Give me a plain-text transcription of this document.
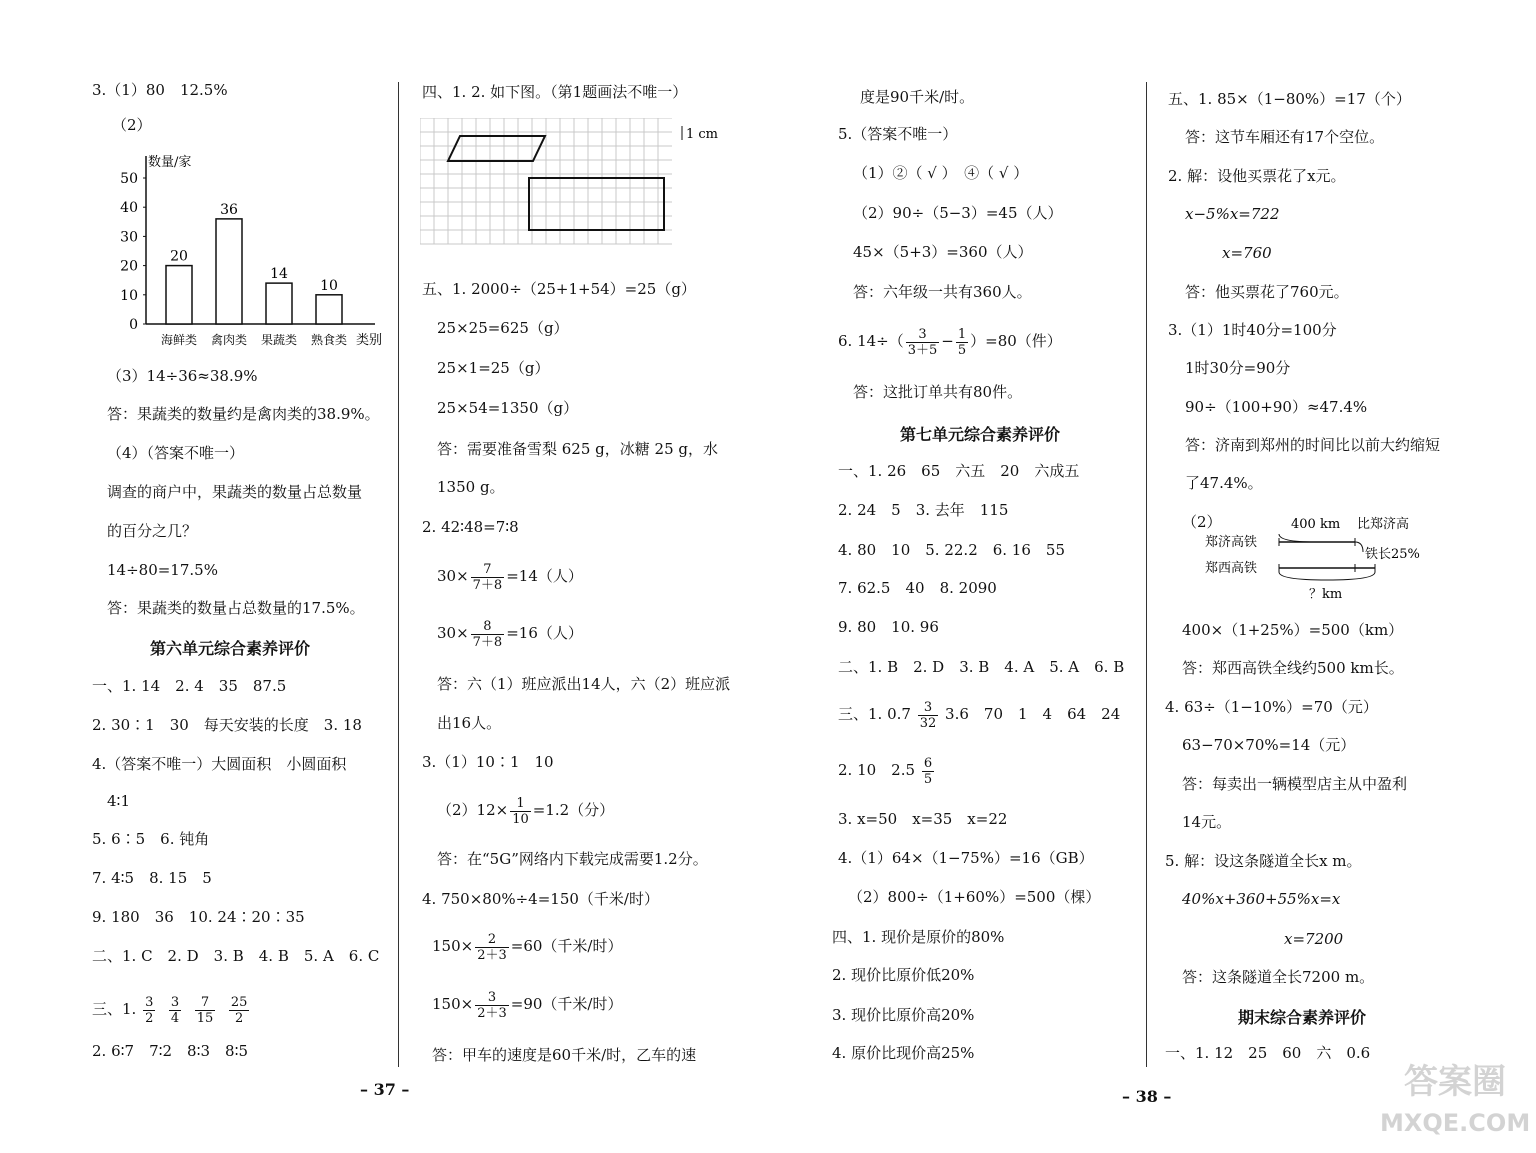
3.（1）80　12.5%
（2）
数量/家
0
10
20
30
40
50
20
36
14
10
海鲜类 禽肉类 果蔬类 熟食类 类别
（3）14÷36≈38.9%
答：果蔬类的数量约是禽肉类的38.9%。
（4）（答案不唯一）
调查的商户中，果蔬类的数量占总数量
的百分之几？
14÷80=17.5%
答：果蔬类的数量占总数量的17.5%。
第六单元综合素养评价
一、1. 14　2. 4　35　87.5
2. 30∶1　30　每天安装的长度　3. 18
4.（答案不唯一）大圆面积　小圆面积
4∶1
5. 6∶5　6. 钝角
7. 4∶5　8. 15　5
9. 180　36　10. 24∶20∶35
二、1. C　2. D　3. B　4. B　5. A　6. C
三、1. $\frac{3}{2}$
$\frac{3}{4}$
$\frac{7}{15}$
$\frac{25}{2}$
2. 6∶7　7∶2　8∶3　8∶5
– 37 –
四、1. 2. 如下图。（第1题画法不唯一）
1 cm
五、1. 2000÷（25+1+54）=25（g）
25×25=625（g）
25×1=25（g）
25×54=1350（g）
答：需要准备雪梨 625 g，冰糖 25 g，水
1350 g。
2. 42∶48=7∶8
$30\times \frac{7}{7+8} =14$（人）
$30\times \frac{8}{7+8} =16$（人）
答：六（1）班应派出14人，六（2）班应派
出16人。
3.（1）10∶1　10
$(2)12\times \frac{1}{10} =1.2$（分）
答：在“5G”网络内下载完成需要1.2分。
4. 750×80%÷4=150（千米/时）
$150\times \frac{2}{2+3} =60$（千米/时）
$150\times \frac{3}{2+3} =90$（千米/时）
答：甲车的速度是60千米/时，乙车的速
度是90千米/时。
5.（答案不唯一）
（1）②（ √ ）　④（ √ ）
（2）90÷（5−3）=45（人）
45×（5+3）=360（人）
答：六年级一共有360人。
6. $14\div( \frac{3}{3+5} - \frac{1}{5} )=80$（件）
答：这批订单共有80件。
第七单元综合素养评价
一、1. 26　65　六五　20　六成五
2. 24　5　3. 去年　115
4. 80　10　5. 22.2　6. 16　55
7. 62.5　40　8. 2090
9. 80　10. 96
二、1. B　2. D　3. B　4. A　5. A　6. B
三、1. $0.7 \frac{3}{32} 3.6$　70　1　4　64　24
2. 10　$2.5 \frac{6}{5}$
3. x=50　x=35　x=22
4.（1）64×（1−75%）=16（GB）
（2）800÷（1+60%）=500（棵）
四、1. 现价是原价的80%
2. 现价比原价低20%
3. 现价比原价高20%
4. 原价比现价高25%
– 38 –
五、1. 85×（1−80%）=17（个）
答：这节车厢还有17个空位。
2. 解：设他买票花了x元。
x−5%x=722
x=760
答：他买票花了760元。
3.（1）1时40分=100分
1时30分=90分
90÷（100+90）≈47.4%
答：济南到郑州的时间比以前大约缩短
了47.4%。
（2）	400 km 比郑济高
郑济高铁
铁长25%
郑西高铁
？km
400×（1+25%）=500（km）
答：郑西高铁全线约500 km长。
4. 63÷（1−10%）=70（元）
63−70×70%=14（元）
答：每卖出一辆模型店主从中盈利
14元。
5. 解：设这条隧道全长x m。
40%x+360+55%x=x
x=7200
答：这条隧道全长7200 m。
期末综合素养评价
一、1. 12　25　60　六　0.6
答案圈
MXQE.COM
